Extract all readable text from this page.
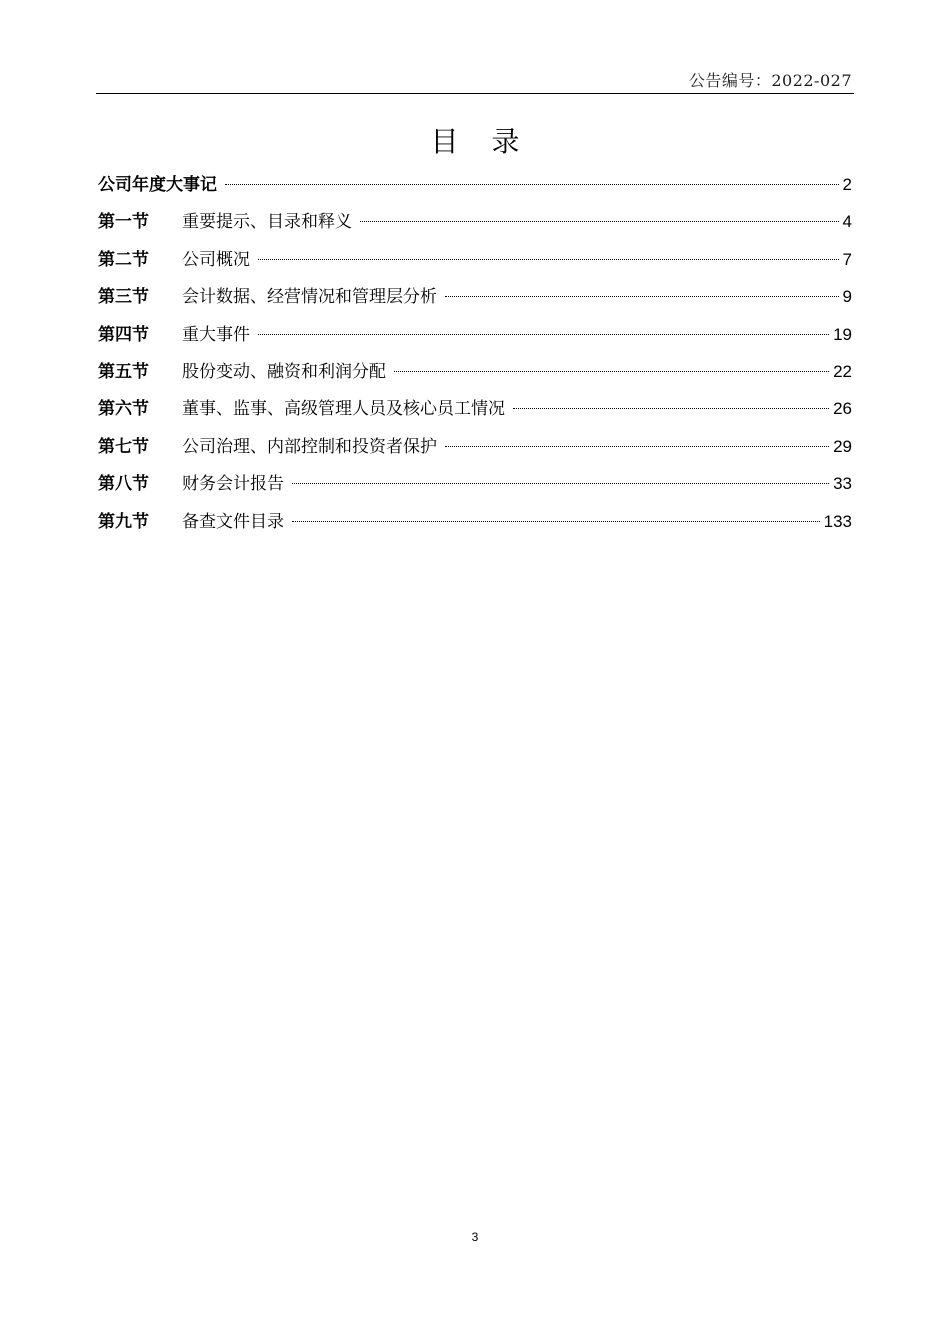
公告编号：2022-027
目 录
公司年度大事记	2
第一节	重要提示、目录和释义	4
第二节	公司概况	7
第三节	会计数据、经营情况和管理层分析	9
第四节	重大事件	19
第五节	股份变动、融资和利润分配	22
第六节	董事、监事、高级管理人员及核心员工情况	26
第七节	公司治理、内部控制和投资者保护	29
第八节	财务会计报告	33
第九节	备查文件目录	133
3
